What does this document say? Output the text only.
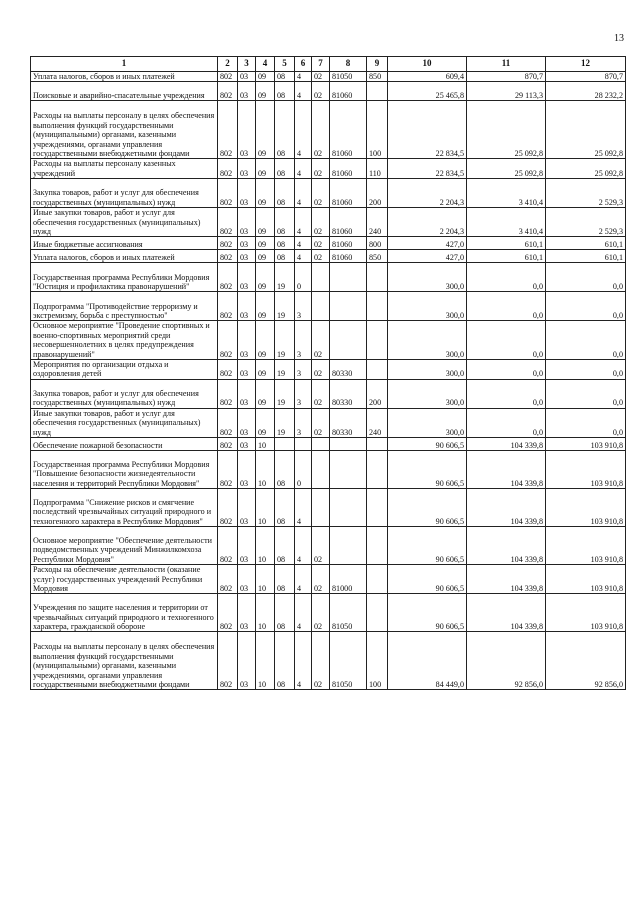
13
1	2	3	4	5	6	7	8	9	10	11	12
Уплата налогов, сборов и иных платежей	802	03	09	08	4	02	81050	850	609,4	870,7	870,7
Поисковые и аварийно-спасательные учреждения	802	03	09	08	4	02	81060		25 465,8	29 113,3	28 232,2
Расходы на выплаты персоналу в целях обеспечения выполнения функций государственными (муниципальными) органами, казенными учреждениями, органами управления государственными внебюджетными фондами	802	03	09	08	4	02	81060	100	22 834,5	25 092,8	25 092,8
Расходы на выплаты персоналу казенных учреждений	802	03	09	08	4	02	81060	110	22 834,5	25 092,8	25 092,8
Закупка товаров, работ и услуг для обеспечения государственных (муниципальных) нужд	802	03	09	08	4	02	81060	200	2 204,3	3 410,4	2 529,3
Иные закупки товаров, работ и услуг для обеспечения государственных (муниципальных) нужд	802	03	09	08	4	02	81060	240	2 204,3	3 410,4	2 529,3
Иные бюджетные ассигнования	802	03	09	08	4	02	81060	800	427,0	610,1	610,1
Уплата налогов, сборов и иных платежей	802	03	09	08	4	02	81060	850	427,0	610,1	610,1
Государственная программа Республики Мордовия "Юстиция и профилактика правонарушений"	802	03	09	19	0				300,0	0,0	0,0
Подпрограмма "Противодействие терроризму и экстремизму, борьба с преступностью"	802	03	09	19	3				300,0	0,0	0,0
Основное мероприятие "Проведение спортивных и военно-спортивных мероприятий среди несовершеннолетних в целях предупреждения правонарушений"	802	03	09	19	3	02			300,0	0,0	0,0
Мероприятия по организации отдыха и оздоровления детей	802	03	09	19	3	02	80330		300,0	0,0	0,0
Закупка товаров, работ и услуг для обеспечения государственных (муниципальных) нужд	802	03	09	19	3	02	80330	200	300,0	0,0	0,0
Иные закупки товаров, работ и услуг для обеспечения государственных (муниципальных) нужд	802	03	09	19	3	02	80330	240	300,0	0,0	0,0
Обеспечение пожарной безопасности	802	03	10						90 606,5	104 339,8	103 910,8
Государственная программа Республики Мордовия "Повышение безопасности жизнедеятельности населения и территорий Республики Мордовия"	802	03	10	08	0				90 606,5	104 339,8	103 910,8
Подпрограмма "Снижение рисков и смягчение последствий чрезвычайных ситуаций природного и техногенного характера в Республике Мордовия"	802	03	10	08	4				90 606,5	104 339,8	103 910,8
Основное мероприятие "Обеспечение деятельности подведомственных учреждений Минжилкомхоза Республики Мордовия"	802	03	10	08	4	02			90 606,5	104 339,8	103 910,8
Расходы на обеспечение деятельности (оказание услуг) государственных учреждений Республики Мордовия	802	03	10	08	4	02	81000		90 606,5	104 339,8	103 910,8
Учреждения по защите населения и территории от чрезвычайных ситуаций природного и техногенного характера, гражданской обороне	802	03	10	08	4	02	81050		90 606,5	104 339,8	103 910,8
Расходы на выплаты персоналу в целях обеспечения выполнения функций государственными (муниципальными) органами, казенными учреждениями, органами управления государственными внебюджетными фондами	802	03	10	08	4	02	81050	100	84 449,0	92 856,0	92 856,0
